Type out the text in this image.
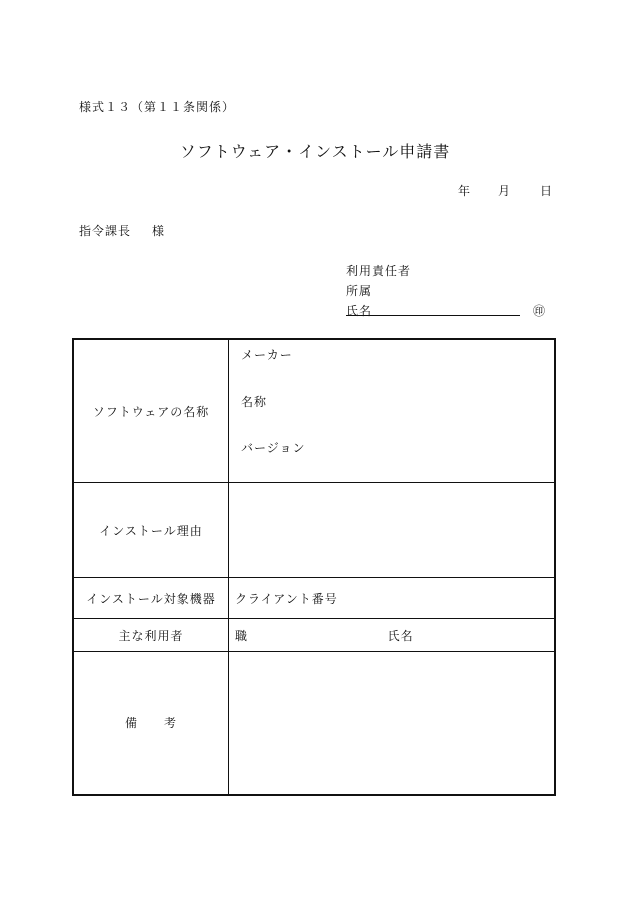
様式１３（第１１条関係）
ソフトウェア・インストール申請書
年 月 日
指令課長 様
利用責任者
所属
氏名	㊞
ソフトウェアの名称	メーカー
名称
バージョン

インストール理由	
インストール対象機器	クライアント番号
主な利用者	職 氏名
備　　考	
